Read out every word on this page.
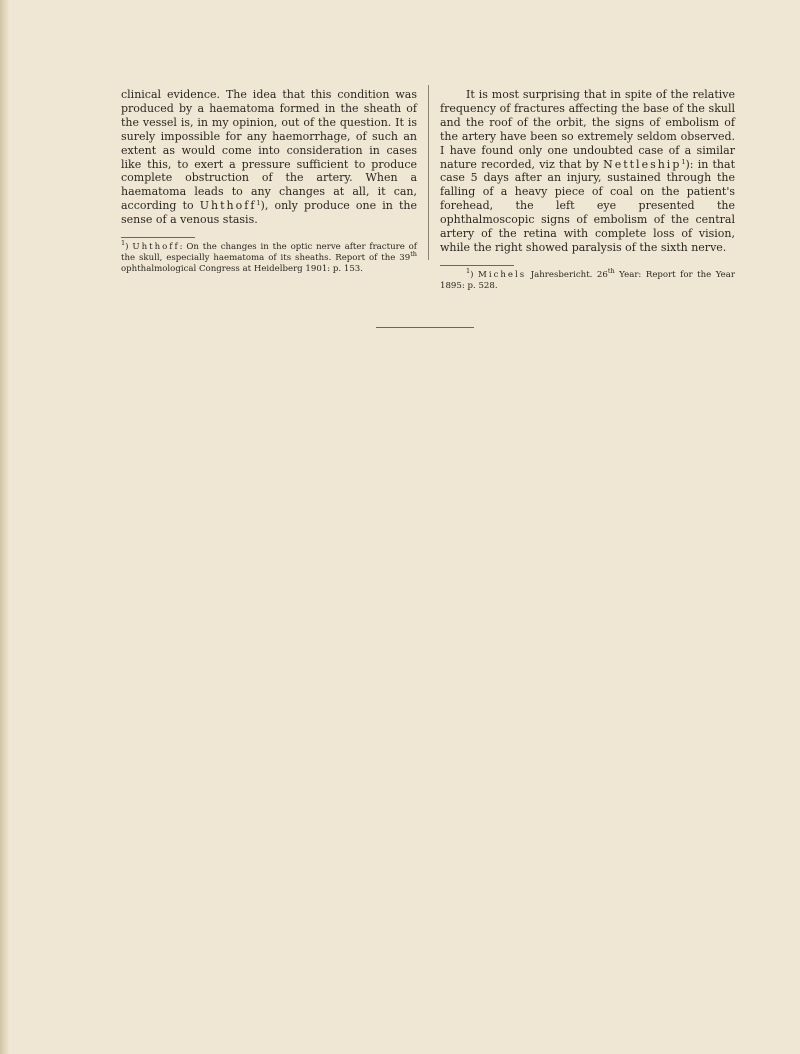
clinical evidence. The idea that this condition was produced by a haematoma formed in the sheath of the vessel is, in my opinion, out of the question. It is surely impossible for any haemorrhage, of such an extent as would come into consideration in cases like this, to exert a pressure sufficient to produce complete obstruction of the artery. When a haematoma leads to any changes at all, it can, according to Uhthoff$^1$), only produce one in the sense of a venous stasis.

$^1$) Uhthoff: On the changes in the optic nerve after fracture of the skull, especially haematoma of its sheaths. Report of the 39th ophthalmological Congress at Heidelberg 1901: p. 153.

It is most surprising that in spite of the relative frequency of fractures affecting the base of the skull and the roof of the orbit, the signs of embolism of the artery have been so extremely seldom observed. I have found only one undoubted case of a similar nature recorded, viz that by Nettleship$^1$): in that case 5 days after an injury, sustained through the falling of a heavy piece of coal on the patient's forehead, the left eye presented the ophthalmoscopic signs of embolism of the central artery of the retina with complete loss of vision, while the right showed paralysis of the sixth nerve.

$^1$) Michels Jahresbericht. 26th Year: Report for the Year 1895: p. 528.
